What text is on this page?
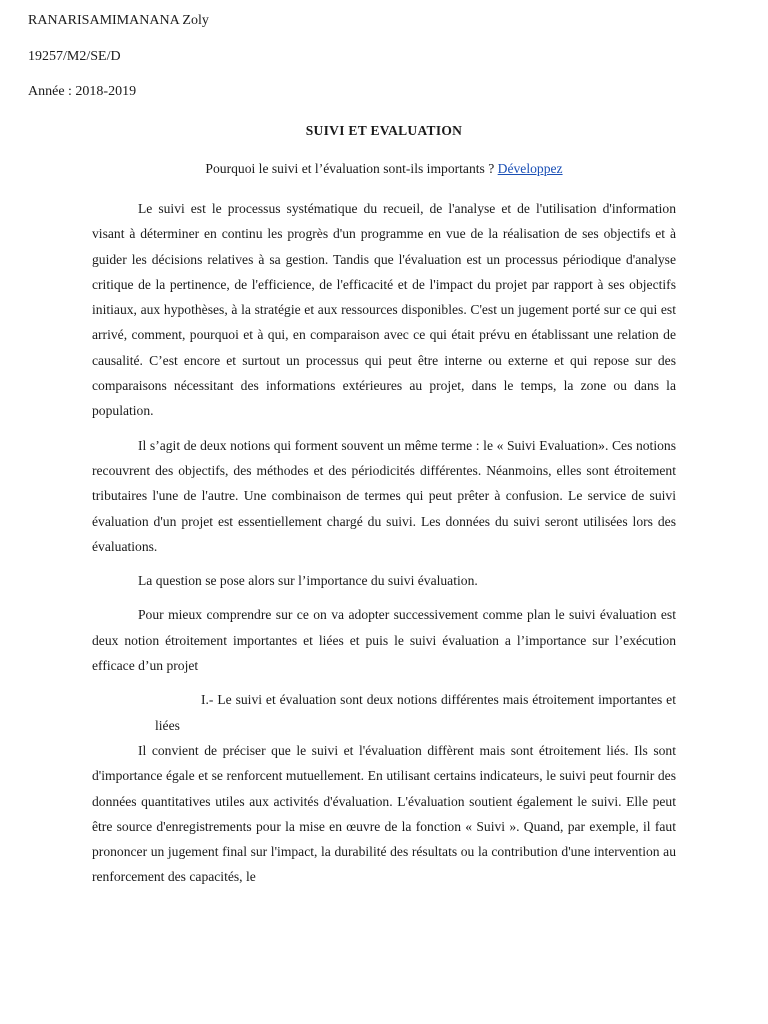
RANARISAMIMANANA Zoly

19257/M2/SE/D

Année : 2018-2019

SUIVI ET EVALUATION

Pourquoi le suivi et l’évaluation sont-ils importants ? Développez

Le suivi est le processus systématique du recueil, de l'analyse et de l'utilisation d'information visant à déterminer en continu les progrès d'un programme en vue de la réalisation de ses objectifs et à guider les décisions relatives à sa gestion. Tandis que l'évaluation est un processus périodique d'analyse critique de la pertinence, de l'efficience, de l'efficacité et de l'impact du projet par rapport à ses objectifs initiaux, aux hypothèses, à la stratégie et aux ressources disponibles. C'est un jugement porté sur ce qui est arrivé, comment, pourquoi et à qui, en comparaison avec ce qui était prévu en établissant une relation de causalité. C’est encore et surtout un processus qui peut être interne ou externe et qui repose sur des comparaisons nécessitant des informations extérieures au projet, dans le temps, la zone ou dans la population.

Il s’agit de deux notions qui forment souvent un même terme : le « Suivi Evaluation». Ces notions recouvrent des objectifs, des méthodes et des périodicités différentes. Néanmoins, elles sont étroitement tributaires l'une de l'autre. Une combinaison de termes qui peut prêter à confusion. Le service de suivi évaluation d'un projet est essentiellement chargé du suivi. Les données du suivi seront utilisées lors des évaluations.

La question se pose alors sur l’importance du suivi évaluation.

Pour mieux comprendre sur ce on va adopter successivement comme plan le suivi évaluation est deux notion étroitement importantes et liées et puis le suivi évaluation a l’importance sur l’exécution efficace d’un projet

I.- Le suivi et évaluation sont deux notions différentes mais étroitement importantes et liées

Il convient de préciser que le suivi et l'évaluation diffèrent mais sont étroitement liés. Ils sont d'importance égale et se renforcent mutuellement. En utilisant certains indicateurs, le suivi peut fournir des données quantitatives utiles aux activités d'évaluation. L'évaluation soutient également le suivi. Elle peut être source d'enregistrements pour la mise en œuvre de la fonction « Suivi ». Quand, par exemple, il faut prononcer un jugement final sur l'impact, la durabilité des résultats ou la contribution d'une intervention au renforcement des capacités, le
